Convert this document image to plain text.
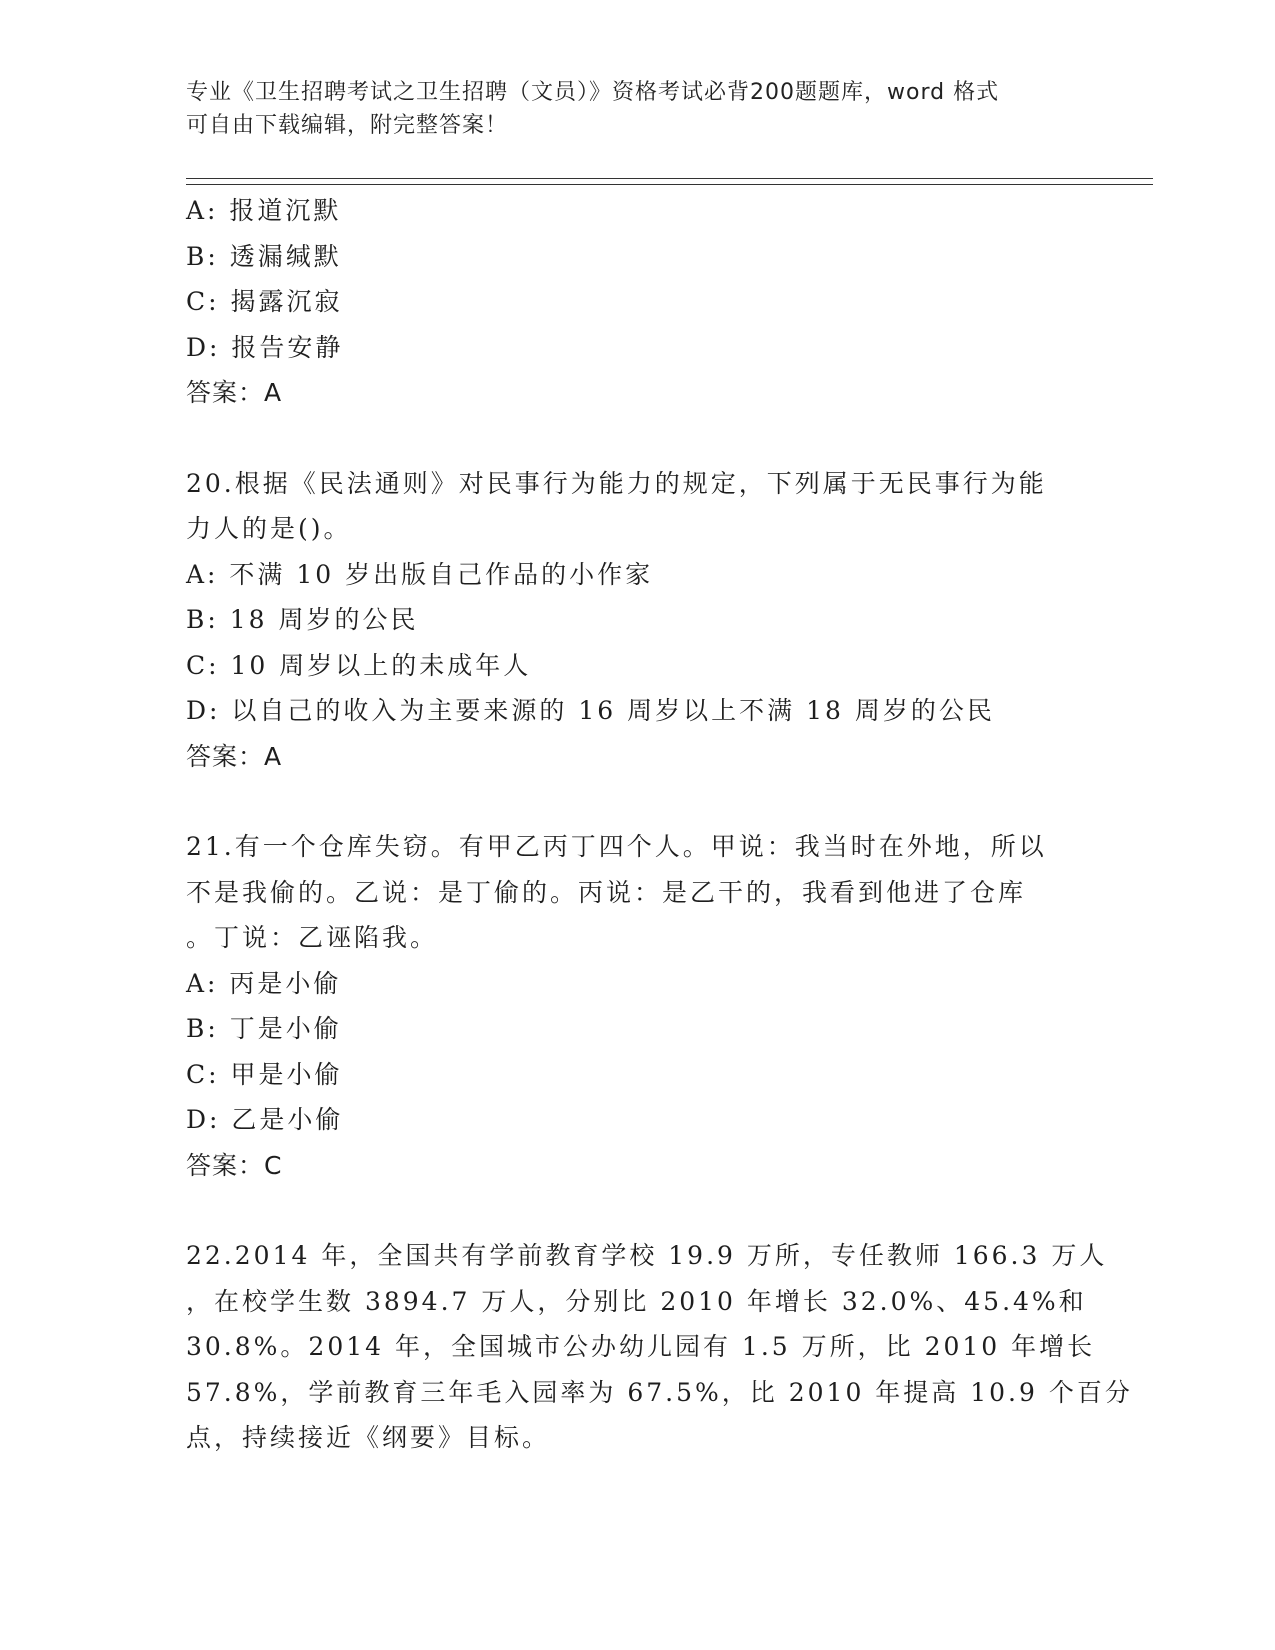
专业《卫生招聘考试之卫生招聘（文员）》资格考试必背200题题库，word 格式
可自由下载编辑，附完整答案！
A: 报道沉默
B: 透漏缄默
C: 揭露沉寂
D: 报告安静
答案：A
20.根据《民法通则》对民事行为能力的规定，下列属于无民事行为能
力人的是()。
A: 不满 10 岁出版自己作品的小作家
B: 18 周岁的公民
C: 10 周岁以上的未成年人
D: 以自己的收入为主要来源的 16 周岁以上不满 18 周岁的公民
答案：A
21.有一个仓库失窃。有甲乙丙丁四个人。甲说：我当时在外地，所以
不是我偷的。乙说：是丁偷的。丙说：是乙干的，我看到他进了仓库
。丁说：乙诬陷我。
A: 丙是小偷
B: 丁是小偷
C: 甲是小偷
D: 乙是小偷
答案：C
22.2014 年，全国共有学前教育学校 19.9 万所，专任教师 166.3 万人
，在校学生数 3894.7 万人，分别比 2010 年增长 32.0%、45.4%和
30.8%。2014 年，全国城市公办幼儿园有 1.5 万所，比 2010 年增长
57.8%，学前教育三年毛入园率为 67.5%，比 2010 年提高 10.9 个百分
点，持续接近《纲要》目标。
